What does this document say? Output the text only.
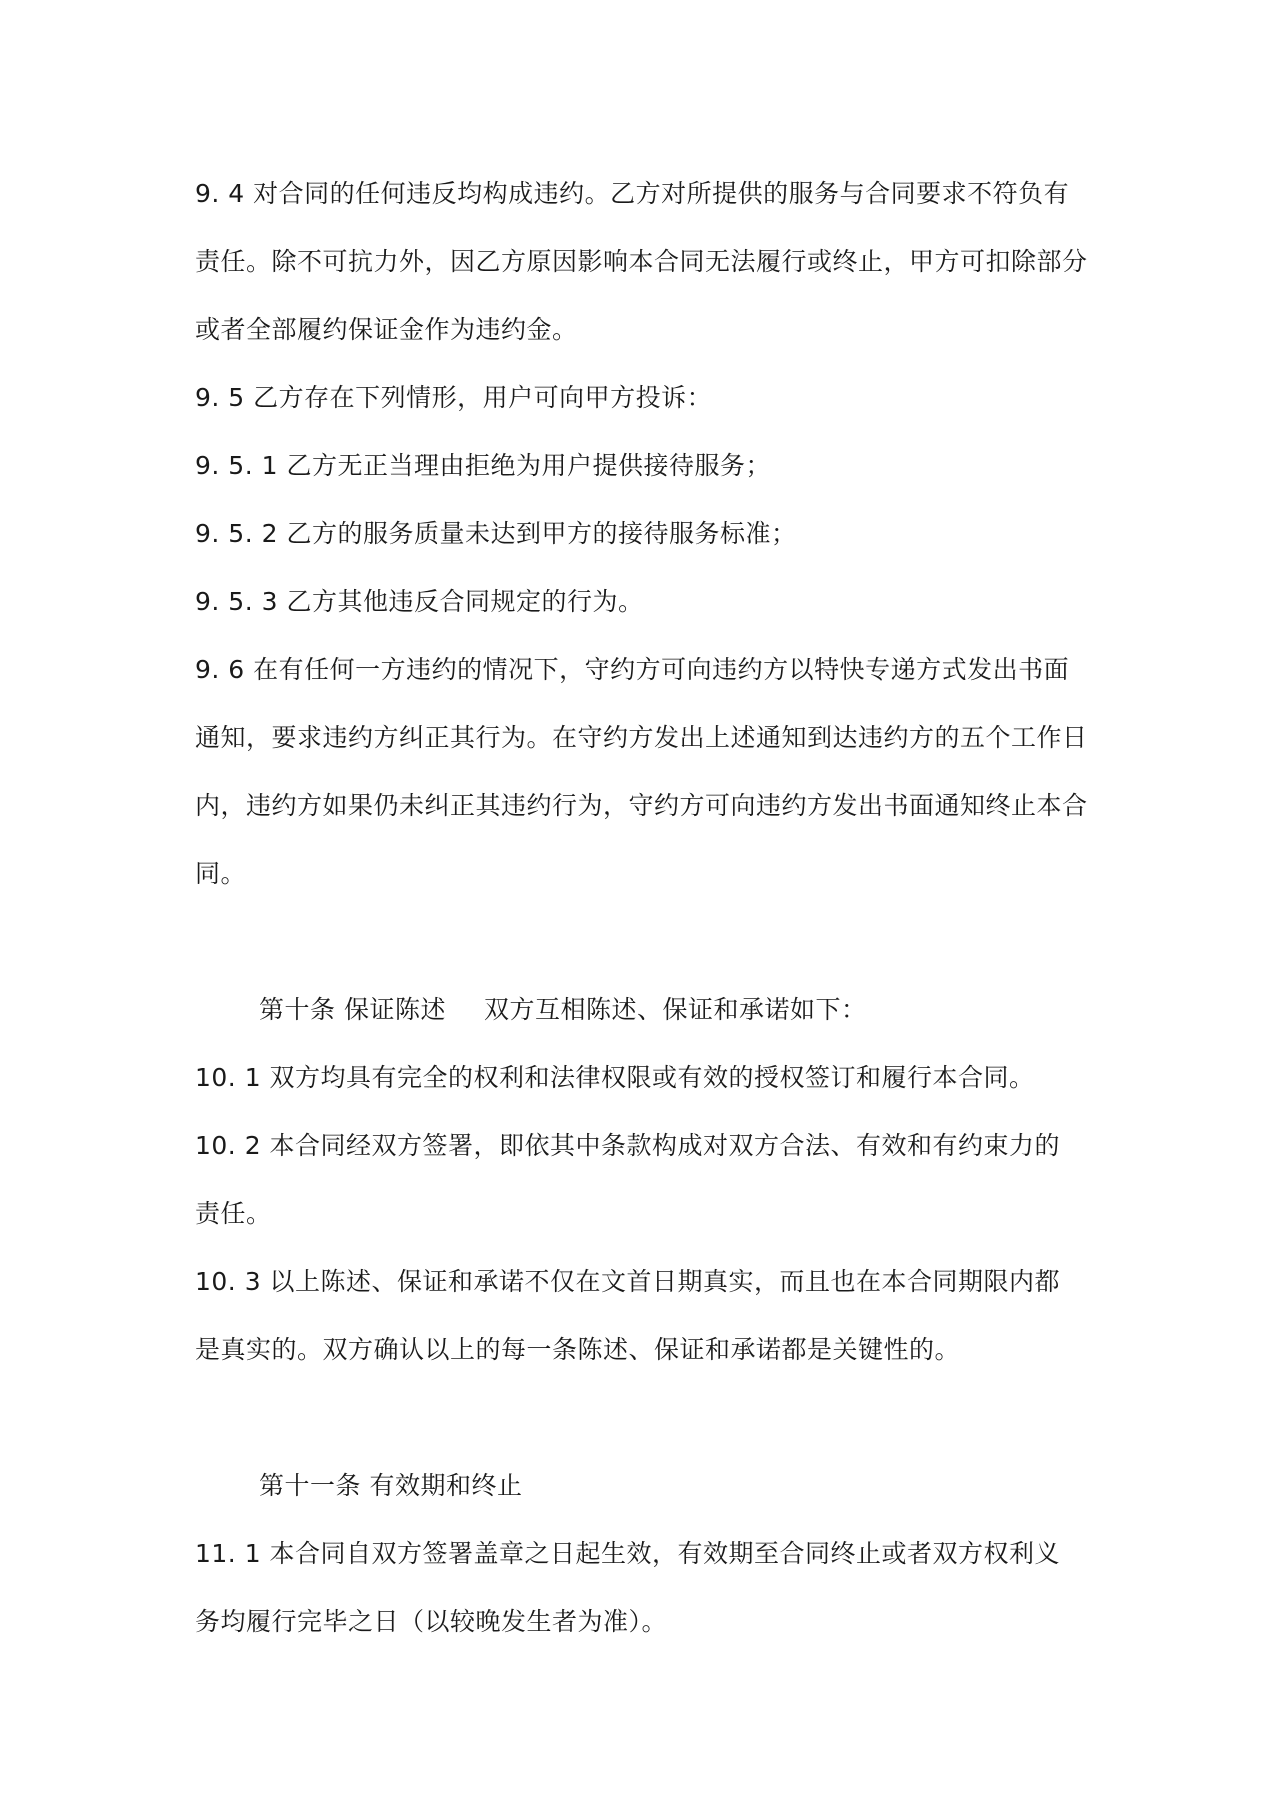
9. 4 对合同的任何违反均构成违约。乙方对所提供的服务与合同要求不符负有
责任。除不可抗力外，因乙方原因影响本合同无法履行或终止，甲方可扣除部分
或者全部履约保证金作为违约金。
9. 5 乙方存在下列情形，用户可向甲方投诉：
9. 5. 1 乙方无正当理由拒绝为用户提供接待服务；
9. 5. 2 乙方的服务质量未达到甲方的接待服务标准；
9. 5. 3 乙方其他违反合同规定的行为。
9. 6 在有任何一方违约的情况下，守约方可向违约方以特快专递方式发出书面
通知，要求违约方纠正其行为。在守约方发出上述通知到达违约方的五个工作日
内，违约方如果仍未纠正其违约行为，守约方可向违约方发出书面通知终止本合
同。
第十条 保证陈述 双方互相陈述、保证和承诺如下：
10. 1 双方均具有完全的权利和法律权限或有效的授权签订和履行本合同。
10. 2 本合同经双方签署，即依其中条款构成对双方合法、有效和有约束力的
责任。
10. 3 以上陈述、保证和承诺不仅在文首日期真实，而且也在本合同期限内都
是真实的。双方确认以上的每一条陈述、保证和承诺都是关键性的。
第十一条 有效期和终止
11. 1 本合同自双方签署盖章之日起生效，有效期至合同终止或者双方权利义
务均履行完毕之日（以较晚发生者为准）。
